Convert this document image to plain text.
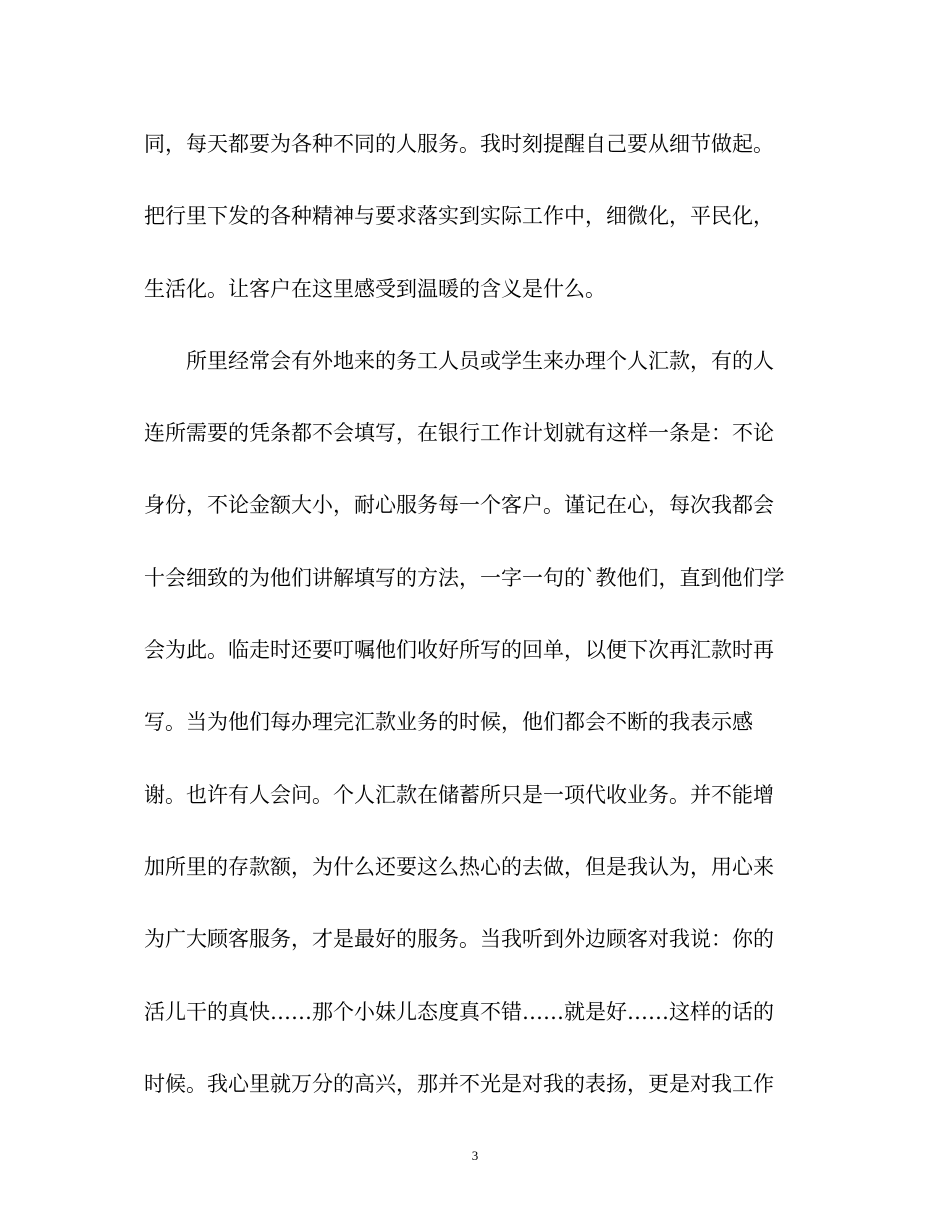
同，每天都要为各种不同的人服务。我时刻提醒自己要从细节做起。
把行里下发的各种精神与要求落实到实际工作中，细微化，平民化，
生活化。让客户在这里感受到温暖的含义是什么。
　　所里经常会有外地来的务工人员或学生来办理个人汇款，有的人
连所需要的凭条都不会填写，在银行工作计划就有这样一条是：不论
身份，不论金额大小，耐心服务每一个客户。谨记在心，每次我都会
十会细致的为他们讲解填写的方法，一字一句的`教他们，直到他们学
会为此。临走时还要叮嘱他们收好所写的回单，以便下次再汇款时再
写。当为他们每办理完汇款业务的时候，他们都会不断的我表示感
谢。也许有人会问。个人汇款在储蓄所只是一项代收业务。并不能增
加所里的存款额，为什么还要这么热心的去做，但是我认为，用心来
为广大顾客服务，才是最好的服务。当我听到外边顾客对我说：你的
活儿干的真快……那个小妹儿态度真不错……就是好……这样的话的
时候。我心里就万分的高兴，那并不光是对我的表扬，更是对我工作
3
